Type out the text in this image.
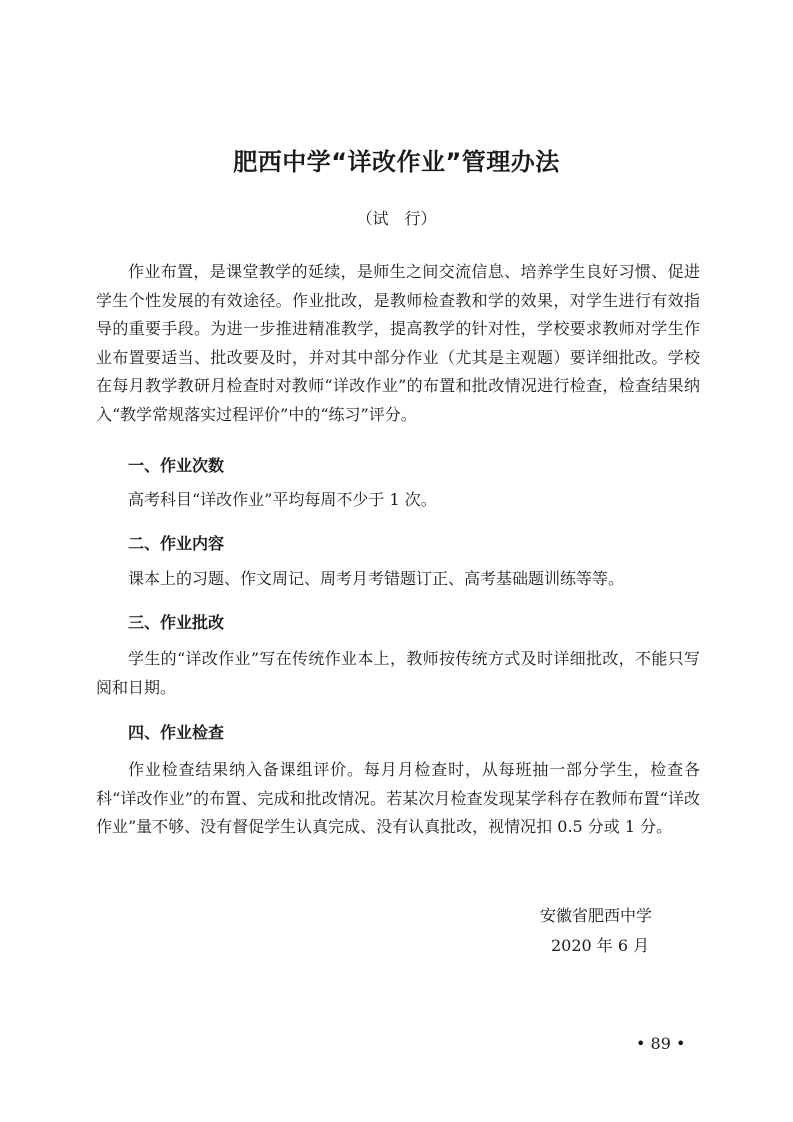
肥西中学“详改作业”管理办法
（试　行）

作业布置，是课堂教学的延续，是师生之间交流信息、培养学生良好习惯、促进学生个性发展的有效途径。作业批改，是教师检查教和学的效果，对学生进行有效指导的重要手段。为进一步推进精准教学，提高教学的针对性，学校要求教师对学生作业布置要适当、批改要及时，并对其中部分作业（尤其是主观题）要详细批改。学校在每月教学教研月检查时对教师“详改作业”的布置和批改情况进行检查，检查结果纳入“教学常规落实过程评价”中的“练习”评分。

一、作业次数

高考科目“详改作业”平均每周不少于 1 次。

二、作业内容

课本上的习题、作文周记、周考月考错题订正、高考基础题训练等等。

三、作业批改

学生的“详改作业”写在传统作业本上，教师按传统方式及时详细批改，不能只写阅和日期。

四、作业检查

作业检查结果纳入备课组评价。每月月检查时，从每班抽一部分学生，检查各科“详改作业”的布置、完成和批改情况。若某次月检查发现某学科存在教师布置“详改作业”量不够、没有督促学生认真完成、没有认真批改，视情况扣 0.5 分或 1 分。

安徽省肥西中学
2020 年 6 月
• 89 •
